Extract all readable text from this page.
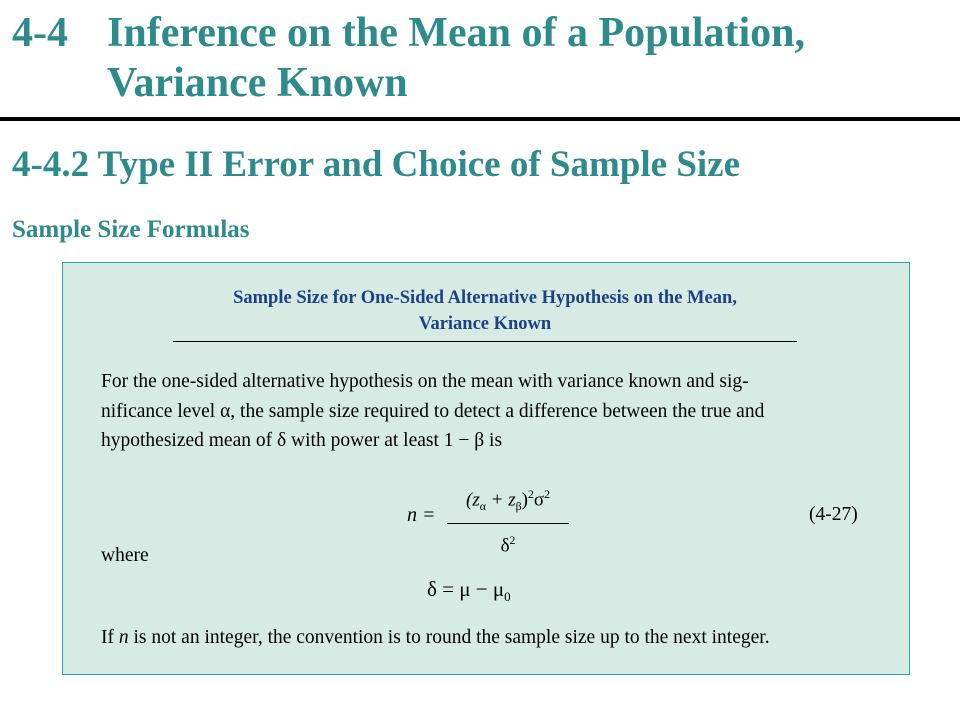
4-4 Inference on the Mean of a Population,
Variance Known
4-4.2 Type II Error and Choice of Sample Size
Sample Size Formulas
Sample Size for One-Sided Alternative Hypothesis on the Mean,
Variance Known
For the one-sided alternative hypothesis on the mean with variance known and sig-
nificance level α, the sample size required to detect a difference between the true and
hypothesized mean of δ with power at least 1 − β is
n =
$(z_\alpha + z_\beta)^2\sigma^2$
$\delta^2$
(4-27)
where
$\delta = \mu - \mu_0$
If n is not an integer, the convention is to round the sample size up to the next integer.
